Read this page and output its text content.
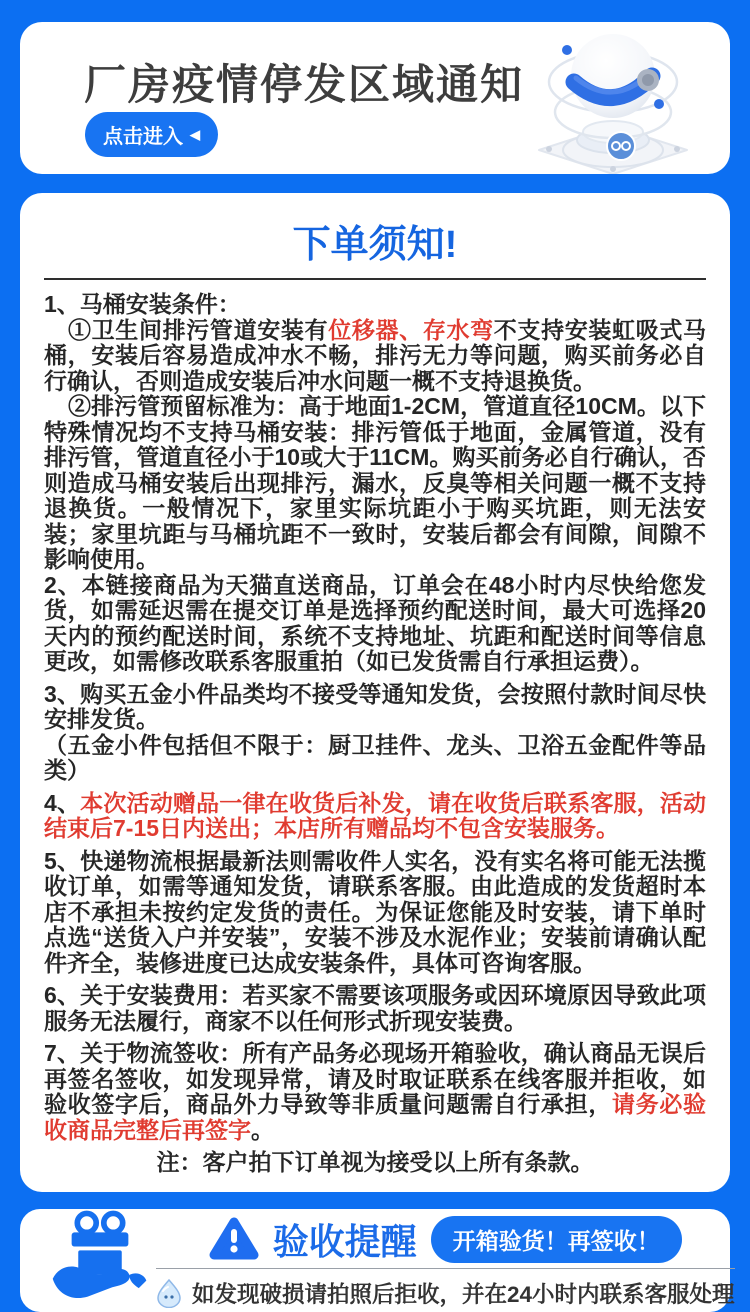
厂房疫情停发区域通知
点击进入 ◀
下单须知!

1、马桶安装条件：

①卫生间排污管道安装有位移器、存水弯不支持安装虹吸式马桶，安装后容易造成冲水不畅，排污无力等问题，购买前务必自行确认，否则造成安装后冲水问题一概不支持退换货。

②排污管预留标准为：高于地面1-2CM，管道直径10CM。以下特殊情况均不支持马桶安装：排污管低于地面，金属管道，没有排污管，管道直径小于10或大于11CM。购买前务必自行确认，否则造成马桶安装后出现排污，漏水，反臭等相关问题一概不支持退换货。一般情况下，家里实际坑距小于购买坑距，则无法安装；家里坑距与马桶坑距不一致时，安装后都会有间隙，间隙不影响使用。

2、本链接商品为天猫直送商品，订单会在48小时内尽快给您发货，如需延迟需在提交订单是选择预约配送时间，最大可选择20天内的预约配送时间，系统不支持地址、坑距和配送时间等信息更改，如需修改联系客服重拍（如已发货需自行承担运费）。

3、购买五金小件品类均不接受等通知发货，会按照付款时间尽快安排发货。

（五金小件包括但不限于：厨卫挂件、龙头、卫浴五金配件等品类）

4、本次活动赠品一律在收货后补发，请在收货后联系客服，活动结束后7-15日内送出；本店所有赠品均不包含安装服务。

5、快递物流根据最新法则需收件人实名，没有实名将可能无法揽收订单，如需等通知发货，请联系客服。由此造成的发货超时本店不承担未按约定发货的责任。为保证您能及时安装，请下单时点选“送货入户并安装”，安装不涉及水泥作业；安装前请确认配件齐全，装修进度已达成安装条件，具体可咨询客服。

6、关于安装费用：若买家不需要该项服务或因环境原因导致此项服务无法履行，商家不以任何形式折现安装费。

7、关于物流签收：所有产品务必现场开箱验收，确认商品无误后再签名签收，如发现异常，请及时取证联系在线客服并拒收，如验收签字后，商品外力导致等非质量问题需自行承担，请务必验收商品完整后再签字。

注：客户拍下订单视为接受以上所有条款。

验收提醒	开箱验货！再签收！
如发现破损请拍照后拒收，并在24小时内联系客服处理
